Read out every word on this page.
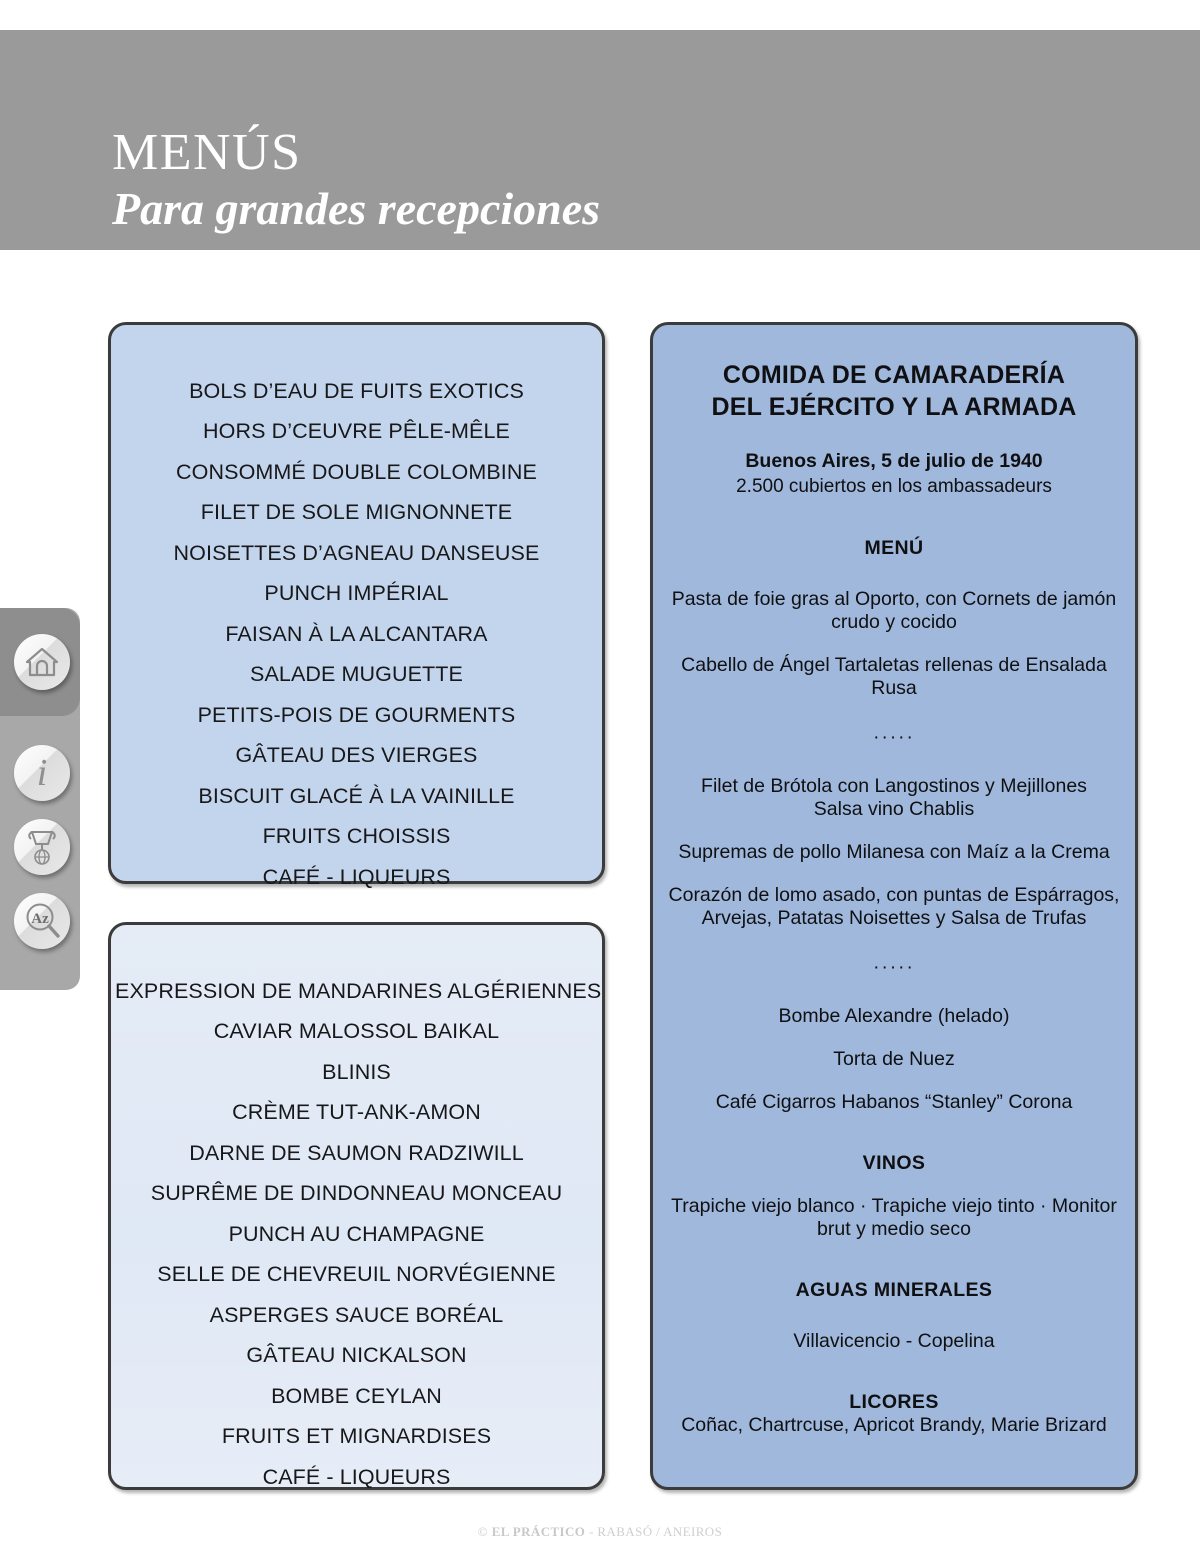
MENÚS
Para grandes recepciones
i
Az
BOLS D’EAU DE FUITS EXOTICS
HORS D’CEUVRE PÊLE-MÊLE
CONSOMMÉ DOUBLE COLOMBINE
FILET DE SOLE MIGNONNETE
NOISETTES D’AGNEAU DANSEUSE
PUNCH IMPÉRIAL
FAISAN À LA ALCANTARA
SALADE MUGUETTE
PETITS-POIS DE GOURMENTS
GÂTEAU DES VIERGES
BISCUIT GLACÉ À LA VAINILLE
FRUITS CHOISSIS
CAFÉ - LIQUEURS
EXPRESSION DE MANDARINES ALGÉRIENNES
CAVIAR MALOSSOL BAIKAL
BLINIS
CRÈME TUT-ANK-AMON
DARNE DE SAUMON RADZIWILL
SUPRÊME DE DINDONNEAU MONCEAU
PUNCH AU CHAMPAGNE
SELLE DE CHEVREUIL NORVÉGIENNE
ASPERGES SAUCE BORÉAL
GÂTEAU NICKALSON
BOMBE CEYLAN
FRUITS ET MIGNARDISES
CAFÉ - LIQUEURS
COMIDA DE CAMARADERÍA
DEL EJÉRCITO Y LA ARMADA
Buenos Aires, 5 de julio de 1940
2.500 cubiertos en los ambassadeurs
MENÚ
Pasta de foie gras al Oporto, con Cornets de jamón
crudo y cocido
Cabello de Ángel Tartaletas rellenas de Ensalada Rusa
·····
Filet de Brótola con Langostinos y Mejillones
Salsa vino Chablis
Supremas de pollo Milanesa con Maíz a la Crema
Corazón de lomo asado, con puntas de Espárragos,
Arvejas, Patatas Noisettes y Salsa de Trufas
·····
Bombe Alexandre (helado)
Torta de Nuez
Café Cigarros Habanos “Stanley” Corona
VINOS
Trapiche viejo blanco · Trapiche viejo tinto · Monitor
brut y medio seco
AGUAS MINERALES
Villavicencio - Copelina
LICORES
Coñac, Chartrcuse, Apricot Brandy, Marie Brizard
© EL PRÁCTICO - RABASÓ / ANEIROS
